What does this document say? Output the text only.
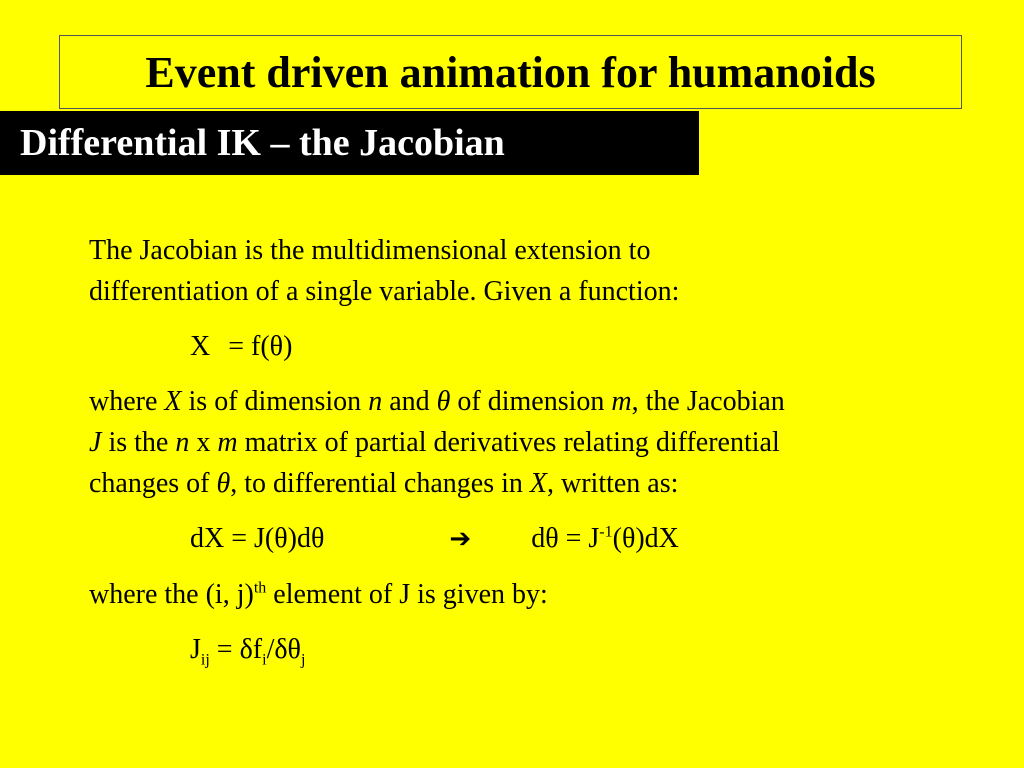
Event driven animation for humanoids
Differential IK – the Jacobian

The Jacobian is the multidimensional extension to
differentiation of a single variable. Given a function:

X = f(θ)

where X is of dimension n and θ of dimension m, the Jacobian
J is the n x m matrix of partial derivatives relating differential
changes of θ, to differential changes in X, written as:

dX = J(θ)dθ	➔ $d\theta = J^{-1}(\theta)dX$

where the (i, j)$^{th}$ element of J is given by:

$J_{ij} = \delta f_i/\delta\theta_j$
